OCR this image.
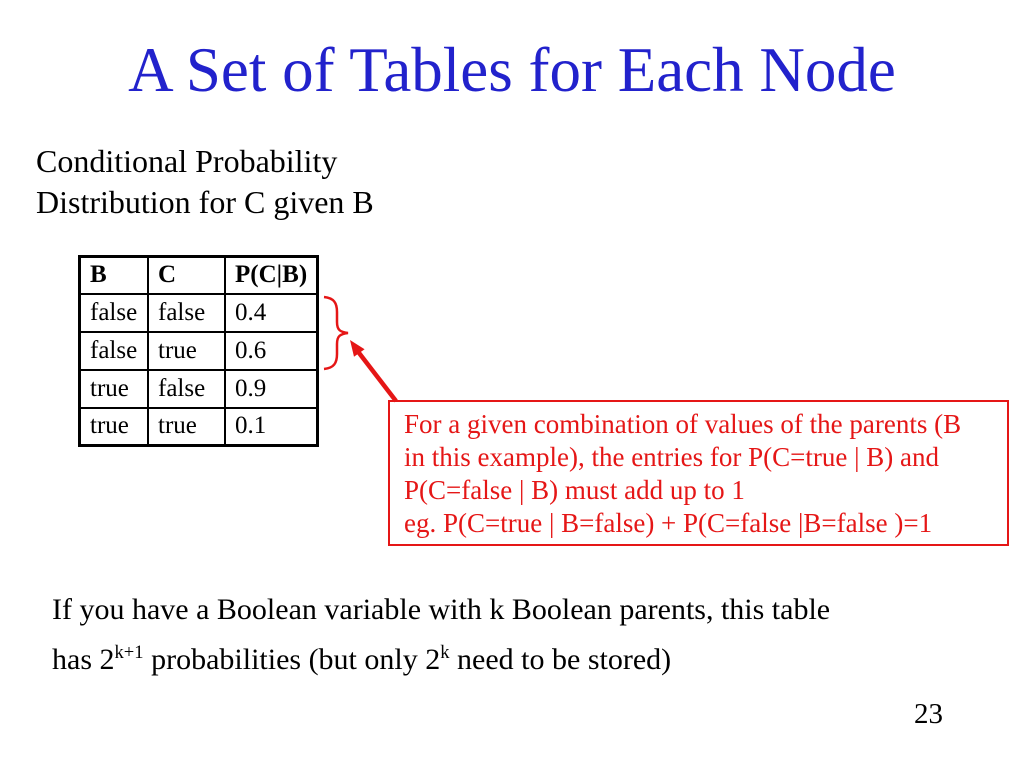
A Set of Tables for Each Node
Conditional Probability
Distribution for C given B
B	C	P(C|B)
false	false	0.4
false	true	0.6
true	false	0.9
true	true	0.1	For a given combination of values of the parents (B
in this example), the entries for P(C=true | B) and
P(C=false | B) must add up to 1
eg. P(C=true | B=false) + P(C=false |B=false )=1
If you have a Boolean variable with k Boolean parents, this table
has $2^{k+1}$ probabilities (but only 2$^k$ need to be stored)
23
